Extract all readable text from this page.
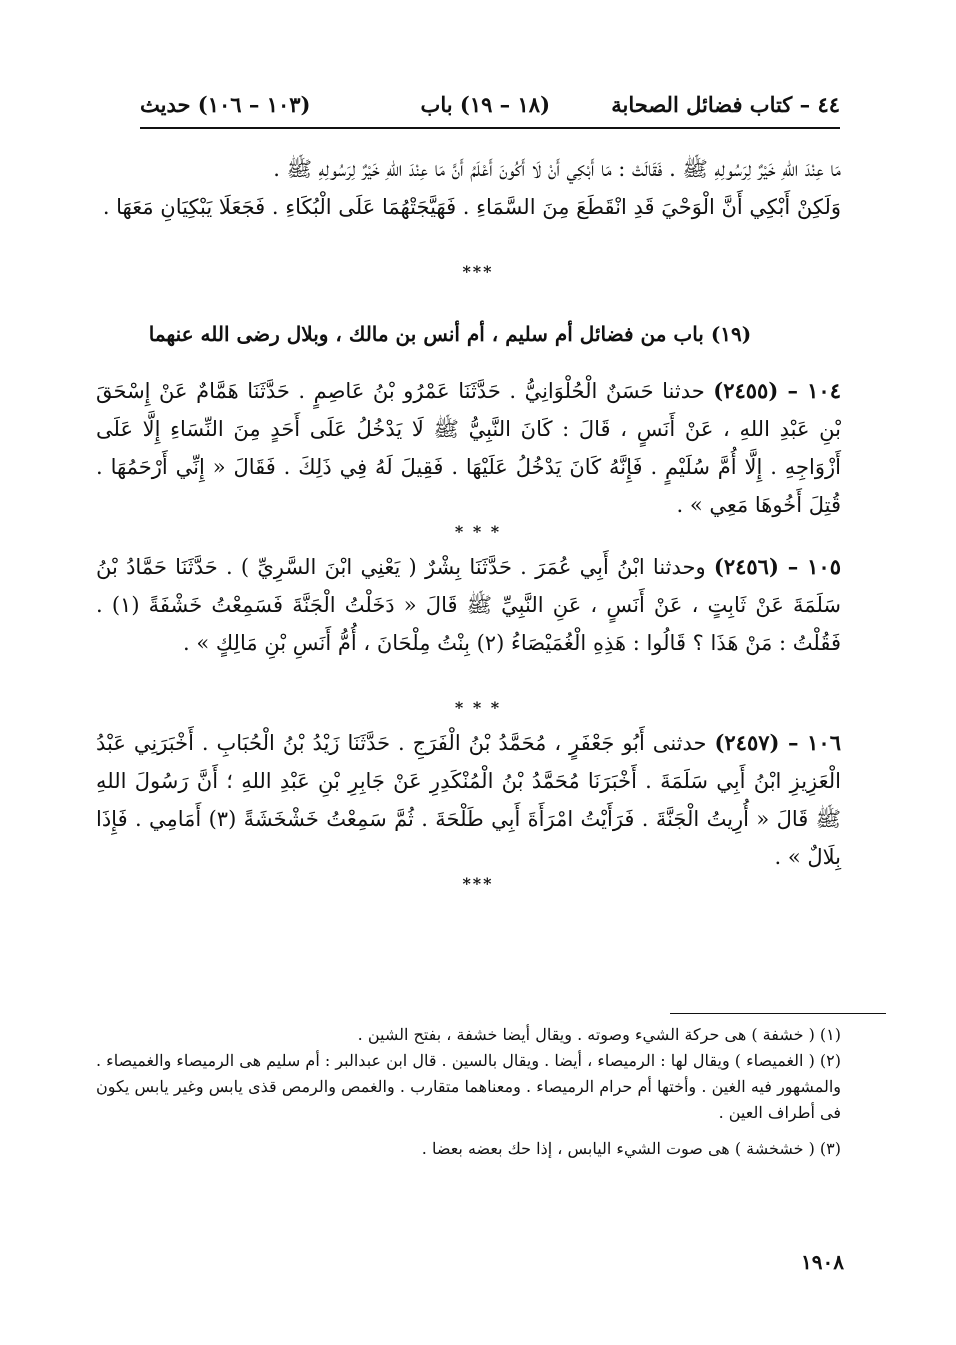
٤٤ – كتاب فضائل الصحابة
(١٨ – ١٩) باب
(١٠٣ – ١٠٦) حديث

مَا عِنْدَ اللهِ خَيْرٌ لِرَسُولِهِ ﷺ . فَقَالَتْ : مَا أَبْكِي أَنْ لَا أَكُونَ أَعْلَمُ أَنَّ مَا عِنْدَ اللهِ خَيْرٌ لِرَسُولِهِ ﷺ .

وَلَكِنْ أَبْكِي أَنَّ الْوَحْيَ قَدِ انْقَطَعَ مِنَ السَّمَاءِ . فَهَيَّجَتْهُمَا عَلَى الْبُكَاءِ . فَجَعَلَا يَبْكِيَانِ مَعَهَا .

***
(١٩) باب من فضائل أم سليم ، أم أنس بن مالك ، وبلال رضى الله عنهما

١٠٤ – (٢٤٥٥) حدثنا حَسَنٌ الْحُلْوَانِيُّ . حَدَّثَنَا عَمْرُو بْنُ عَاصِمٍ . حَدَّثَنَا هَمَّامٌ عَنْ إِسْحَقَ بْنِ عَبْدِ اللهِ ، عَنْ أَنَسٍ ، قَالَ : كَانَ النَّبِيُّ ﷺ لَا يَدْخُلُ عَلَى أَحَدٍ مِنَ النِّسَاءِ إِلَّا عَلَى أَزْوَاجِهِ . إِلَّا أُمَّ سُلَيْمٍ . فَإِنَّهُ كَانَ يَدْخُلُ عَلَيْهَا . فَقِيلَ لَهُ فِي ذَلِكَ . فَقَالَ « إِنِّي أَرْحَمُهَا . قُتِلَ أَخُوهَا مَعِي » .

* * *

١٠٥ – (٢٤٥٦) وحدثنا ابْنُ أَبِي عُمَرَ . حَدَّثَنَا بِشْرٌ ( يَعْنِي ابْنَ السَّرِيِّ ) . حَدَّثَنَا حَمَّادُ بْنُ سَلَمَةَ عَنْ ثَابِتٍ ، عَنْ أَنَسٍ ، عَنِ النَّبِيِّ ﷺ قَالَ « دَخَلْتُ الْجَنَّةَ فَسَمِعْتُ خَشْفَةً (١) . فَقُلْتُ : مَنْ هَذَا ؟ قَالُوا : هَذِهِ الْغُمَيْصَاءُ (٢) بِنْتُ مِلْحَانَ ، أُمُّ أَنَسِ بْنِ مَالِكٍ » .

* * *

١٠٦ – (٢٤٥٧) حدثنى أَبُو جَعْفَرٍ ، مُحَمَّدُ بْنُ الْفَرَجِ . حَدَّثَنَا زَيْدُ بْنُ الْحُبَابِ . أَخْبَرَنِي عَبْدُ الْعَزِيزِ ابْنُ أَبِي سَلَمَةَ . أَخْبَرَنَا مُحَمَّدُ بْنُ الْمُنْكَدِرِ عَنْ جَابِرِ بْنِ عَبْدِ اللهِ ؛ أَنَّ رَسُولَ اللهِ ﷺ قَالَ « أُرِيتُ الْجَنَّةَ . فَرَأَيْتُ امْرَأَةَ أَبِي طَلْحَةَ . ثُمَّ سَمِعْتُ خَشْخَشَةً (٣) أَمَامِي . فَإِذَا بِلَالٌ » .

***

(١) ( خشفة ) هى حركة الشيء وصوته . ويقال أيضا خشفة ، بفتح الشين .

(٢) ( الغميصاء ) ويقال لها : الرميصاء ، أيضا . ويقال بالسين . قال ابن عبدالبر : أم سليم هى الرميصاء والغميصاء . والمشهور فيه الغين . وأختها أم حرام الرميصاء . ومعناهما متقارب . والغمص والرمص قذى يابس وغير يابس يكون فى أطراف العين .

(٣) ( خشخشة ) هى صوت الشيء اليابس ، إذا حك بعضه بعضا .

١٩٠٨
